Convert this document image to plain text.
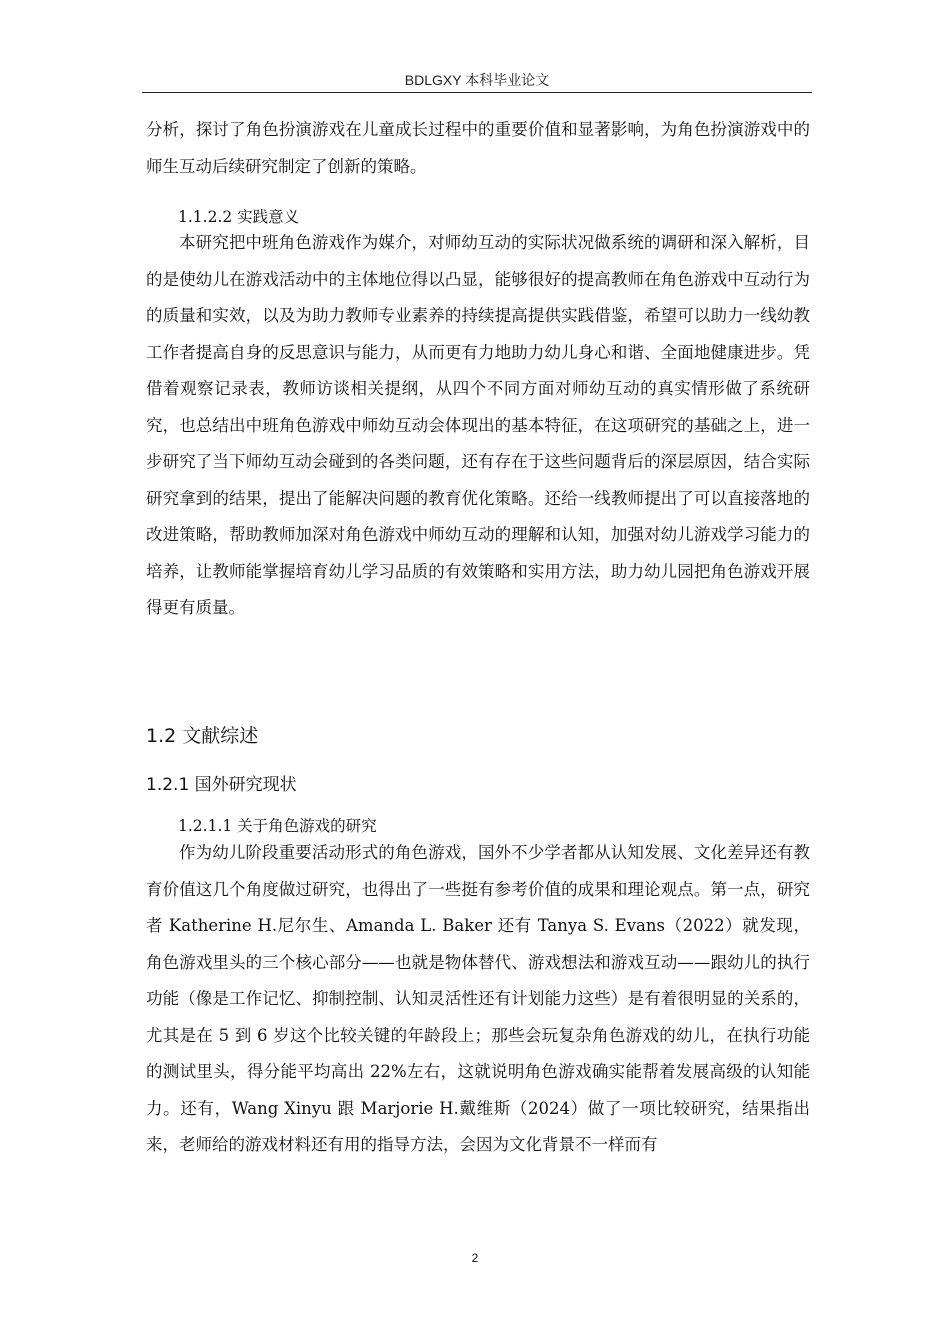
BDLGXY 本科毕业论文
分析，探讨了角色扮演游戏在儿童成长过程中的重要价值和显著影响，为角色扮演游戏中的师生互动后续研究制定了创新的策略。
1.1.2.2 实践意义
本研究把中班角色游戏作为媒介，对师幼互动的实际状况做系统的调研和深入解析，目的是使幼儿在游戏活动中的主体地位得以凸显，能够很好的提高教师在角色游戏中互动行为的质量和实效，以及为助力教师专业素养的持续提高提供实践借鉴，希望可以助力一线幼教工作者提高自身的反思意识与能力，从而更有力地助力幼儿身心和谐、全面地健康进步。凭借着观察记录表，教师访谈相关提纲，从四个不同方面对师幼互动的真实情形做了系统研究，也总结出中班角色游戏中师幼互动会体现出的基本特征，在这项研究的基础之上，进一步研究了当下师幼互动会碰到的各类问题，还有存在于这些问题背后的深层原因，结合实际研究拿到的结果，提出了能解决问题的教育优化策略。还给一线教师提出了可以直接落地的改进策略，帮助教师加深对角色游戏中师幼互动的理解和认知，加强对幼儿游戏学习能力的培养，让教师能掌握培育幼儿学习品质的有效策略和实用方法，助力幼儿园把角色游戏开展得更有质量。
1.2 文献综述
1.2.1 国外研究现状
1.2.1.1 关于角色游戏的研究
作为幼儿阶段重要活动形式的角色游戏，国外不少学者都从认知发展、文化差异还有教育价值这几个角度做过研究，也得出了一些挺有参考价值的成果和理论观点。第一点，研究者 Katherine H.尼尔生、Amanda L. Baker 还有 Tanya S. Evans（2022）就发现，角色游戏里头的三个核心部分——也就是物体替代、游戏想法和游戏互动——跟幼儿的执行功能（像是工作记忆、抑制控制、认知灵活性还有计划能力这些）是有着很明显的关系的，尤其是在 5 到 6 岁这个比较关键的年龄段上；那些会玩复杂角色游戏的幼儿，在执行功能的测试里头，得分能平均高出 22%左右，这就说明角色游戏确实能帮着发展高级的认知能力。还有，Wang Xinyu 跟 Marjorie H.戴维斯（2024）做了一项比较研究，结果指出来，老师给的游戏材料还有用的指导方法，会因为文化背景不一样而有
2
